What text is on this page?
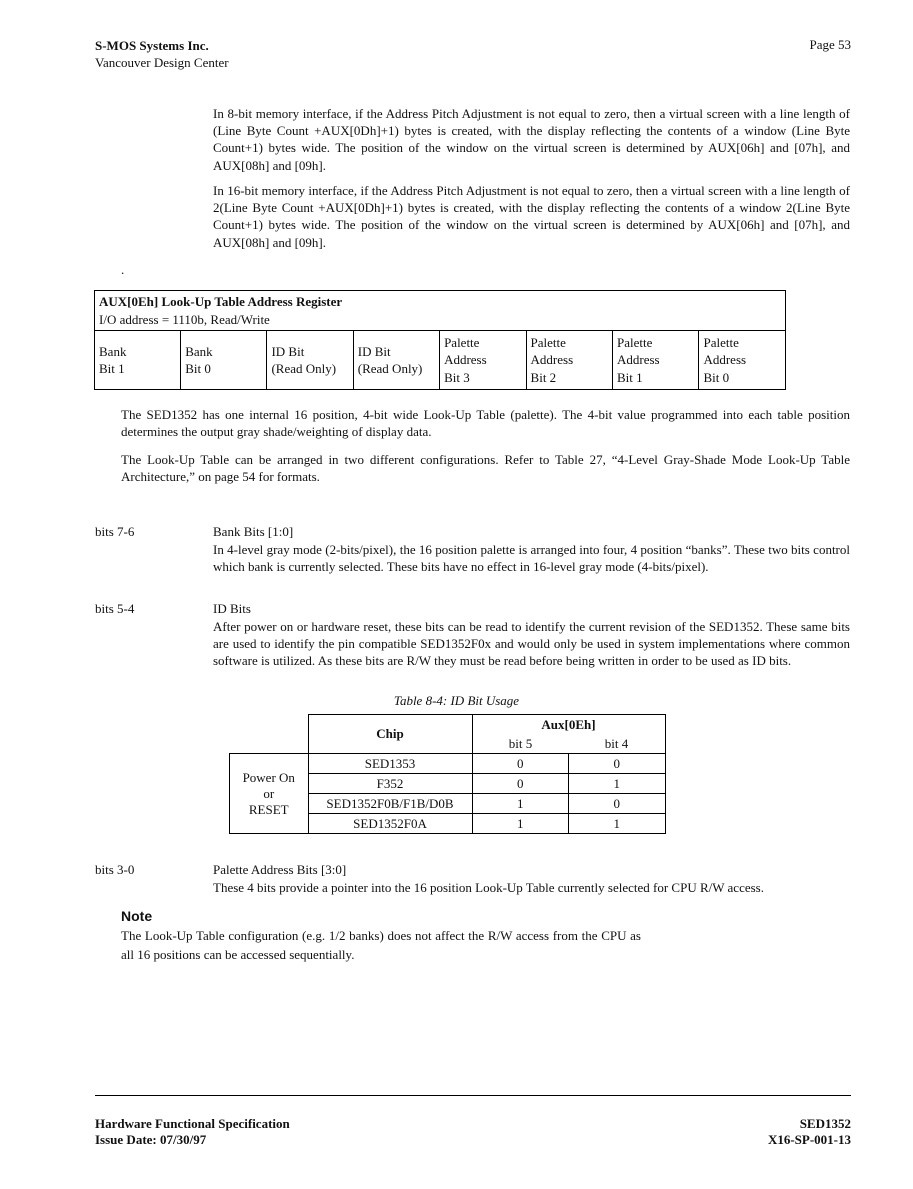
S-MOS Systems Inc.
Vancouver Design Center
Page 53
In 8-bit memory interface, if the Address Pitch Adjustment is not equal to zero, then a virtual screen with a line length of (Line Byte Count +AUX[0Dh]+1) bytes is created, with the display reflecting the contents of a window (Line Byte Count+1) bytes wide. The position of the window on the virtual screen is determined by AUX[06h] and [07h], and AUX[08h] and [09h].
In 16-bit memory interface, if the Address Pitch Adjustment is not equal to zero, then a virtual screen with a line length of 2(Line Byte Count +AUX[0Dh]+1) bytes is created, with the display reflecting the contents of a window 2(Line Byte Count+1) bytes wide. The position of the window on the virtual screen is determined by AUX[06h] and [07h], and AUX[08h] and [09h].
.
AUX[0Eh] Look-Up Table Address Register
I/O address = 1110b, Read/Write

Bank
Bit 1

Bank
Bit 0

ID Bit
(Read Only)

ID Bit
(Read Only)

Palette
Address
Bit 3

Palette
Address
Bit 2

Palette
Address
Bit 1

Palette
Address
Bit 0
The SED1352 has one internal 16 position, 4-bit wide Look-Up Table (palette). The 4-bit value programmed into each table position determines the output gray shade/weighting of display data.
The Look-Up Table can be arranged in two different configurations. Refer to Table 27, “4-Level Gray-Shade Mode Look-Up Table Architecture,” on page 54 for formats.
bits 7-6	Bank Bits [1:0]
In 4-level gray mode (2-bits/pixel), the 16 position palette is arranged into four, 4 position “banks”. These two bits control which bank is currently selected. These bits have no effect in 16-level gray mode (4-bits/pixel).
bits 5-4	ID Bits
After power on or hardware reset, these bits can be read to identify the current revision of the SED1352. These same bits are used to identify the pin compatible SED1352F0x and would only be used in system implementations where common software is utilized. As these bits are R/W they must be read before being written in order to be used as ID bits.
Table 8-4: ID Bit Usage
	Chip	Aux[0Eh]	
		bit 5	bit 4

Power On
or
RESET	SED1353	0	0
	F352	0	1
	SED1352F0B/F1B/D0B	1	0
	SED1352F0A	1	1
bits 3-0	Palette Address Bits [3:0]
These 4 bits provide a pointer into the 16 position Look-Up Table currently selected for CPU R/W access.
Note
The Look-Up Table configuration (e.g. 1/2 banks) does not affect the R/W access from the CPU as all 16 positions can be accessed sequentially.
Hardware Functional Specification
Issue Date: 07/30/97
SED1352
X16-SP-001-13
